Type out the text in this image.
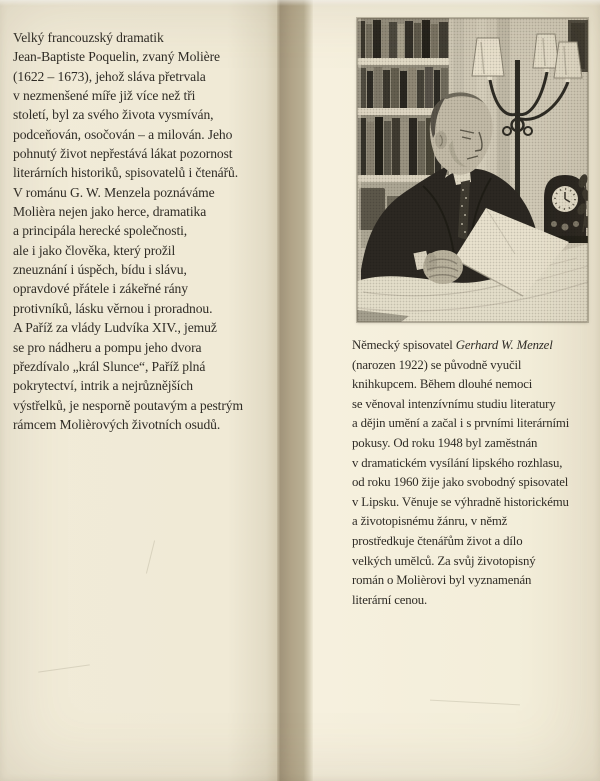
Velký francouzský dramatik
Jean-Baptiste Poquelin, zvaný Molière
(1622 – 1673), jehož sláva přetrvala
v nezmenšené míře již více než tři
století, byl za svého života vysmíván,
podceňován, osočován – a milován. Jeho
pohnutý život nepřestává lákat pozornost
literárních historiků, spisovatelů i čtenářů.
V románu G. W. Menzela poznáváme
Molièra nejen jako herce, dramatika
a principála herecké společnosti,
ale i jako člověka, který prožil
zneuznání i úspěch, bídu i slávu,
opravdové přátele i zákeřné rány
protivníků, lásku věrnou i proradnou.
A Paříž za vlády Ludvíka XIV., jemuž
se pro nádheru a pompu jeho dvora
přezdívalo „král Slunce“, Paříž plná
pokrytectví, intrik a nejrůznějších
výstřelků, je nesporně poutavým a pestrým
rámcem Molièrových životních osudů.
Německý spisovatel Gerhard W. Menzel
(narozen 1922) se původně vyučil
knihkupcem. Během dlouhé nemoci
se věnoval intenzívnímu studiu literatury
a dějin umění a začal i s prvními literárními
pokusy. Od roku 1948 byl zaměstnán
v dramatickém vysílání lipského rozhlasu,
od roku 1960 žije jako svobodný spisovatel
v Lipsku. Věnuje se výhradně historickému
a životopisnému žánru, v němž
prostředkuje čtenářům život a dílo
velkých umělců. Za svůj životopisný
román o Molièrovi byl vyznamenán
literární cenou.
